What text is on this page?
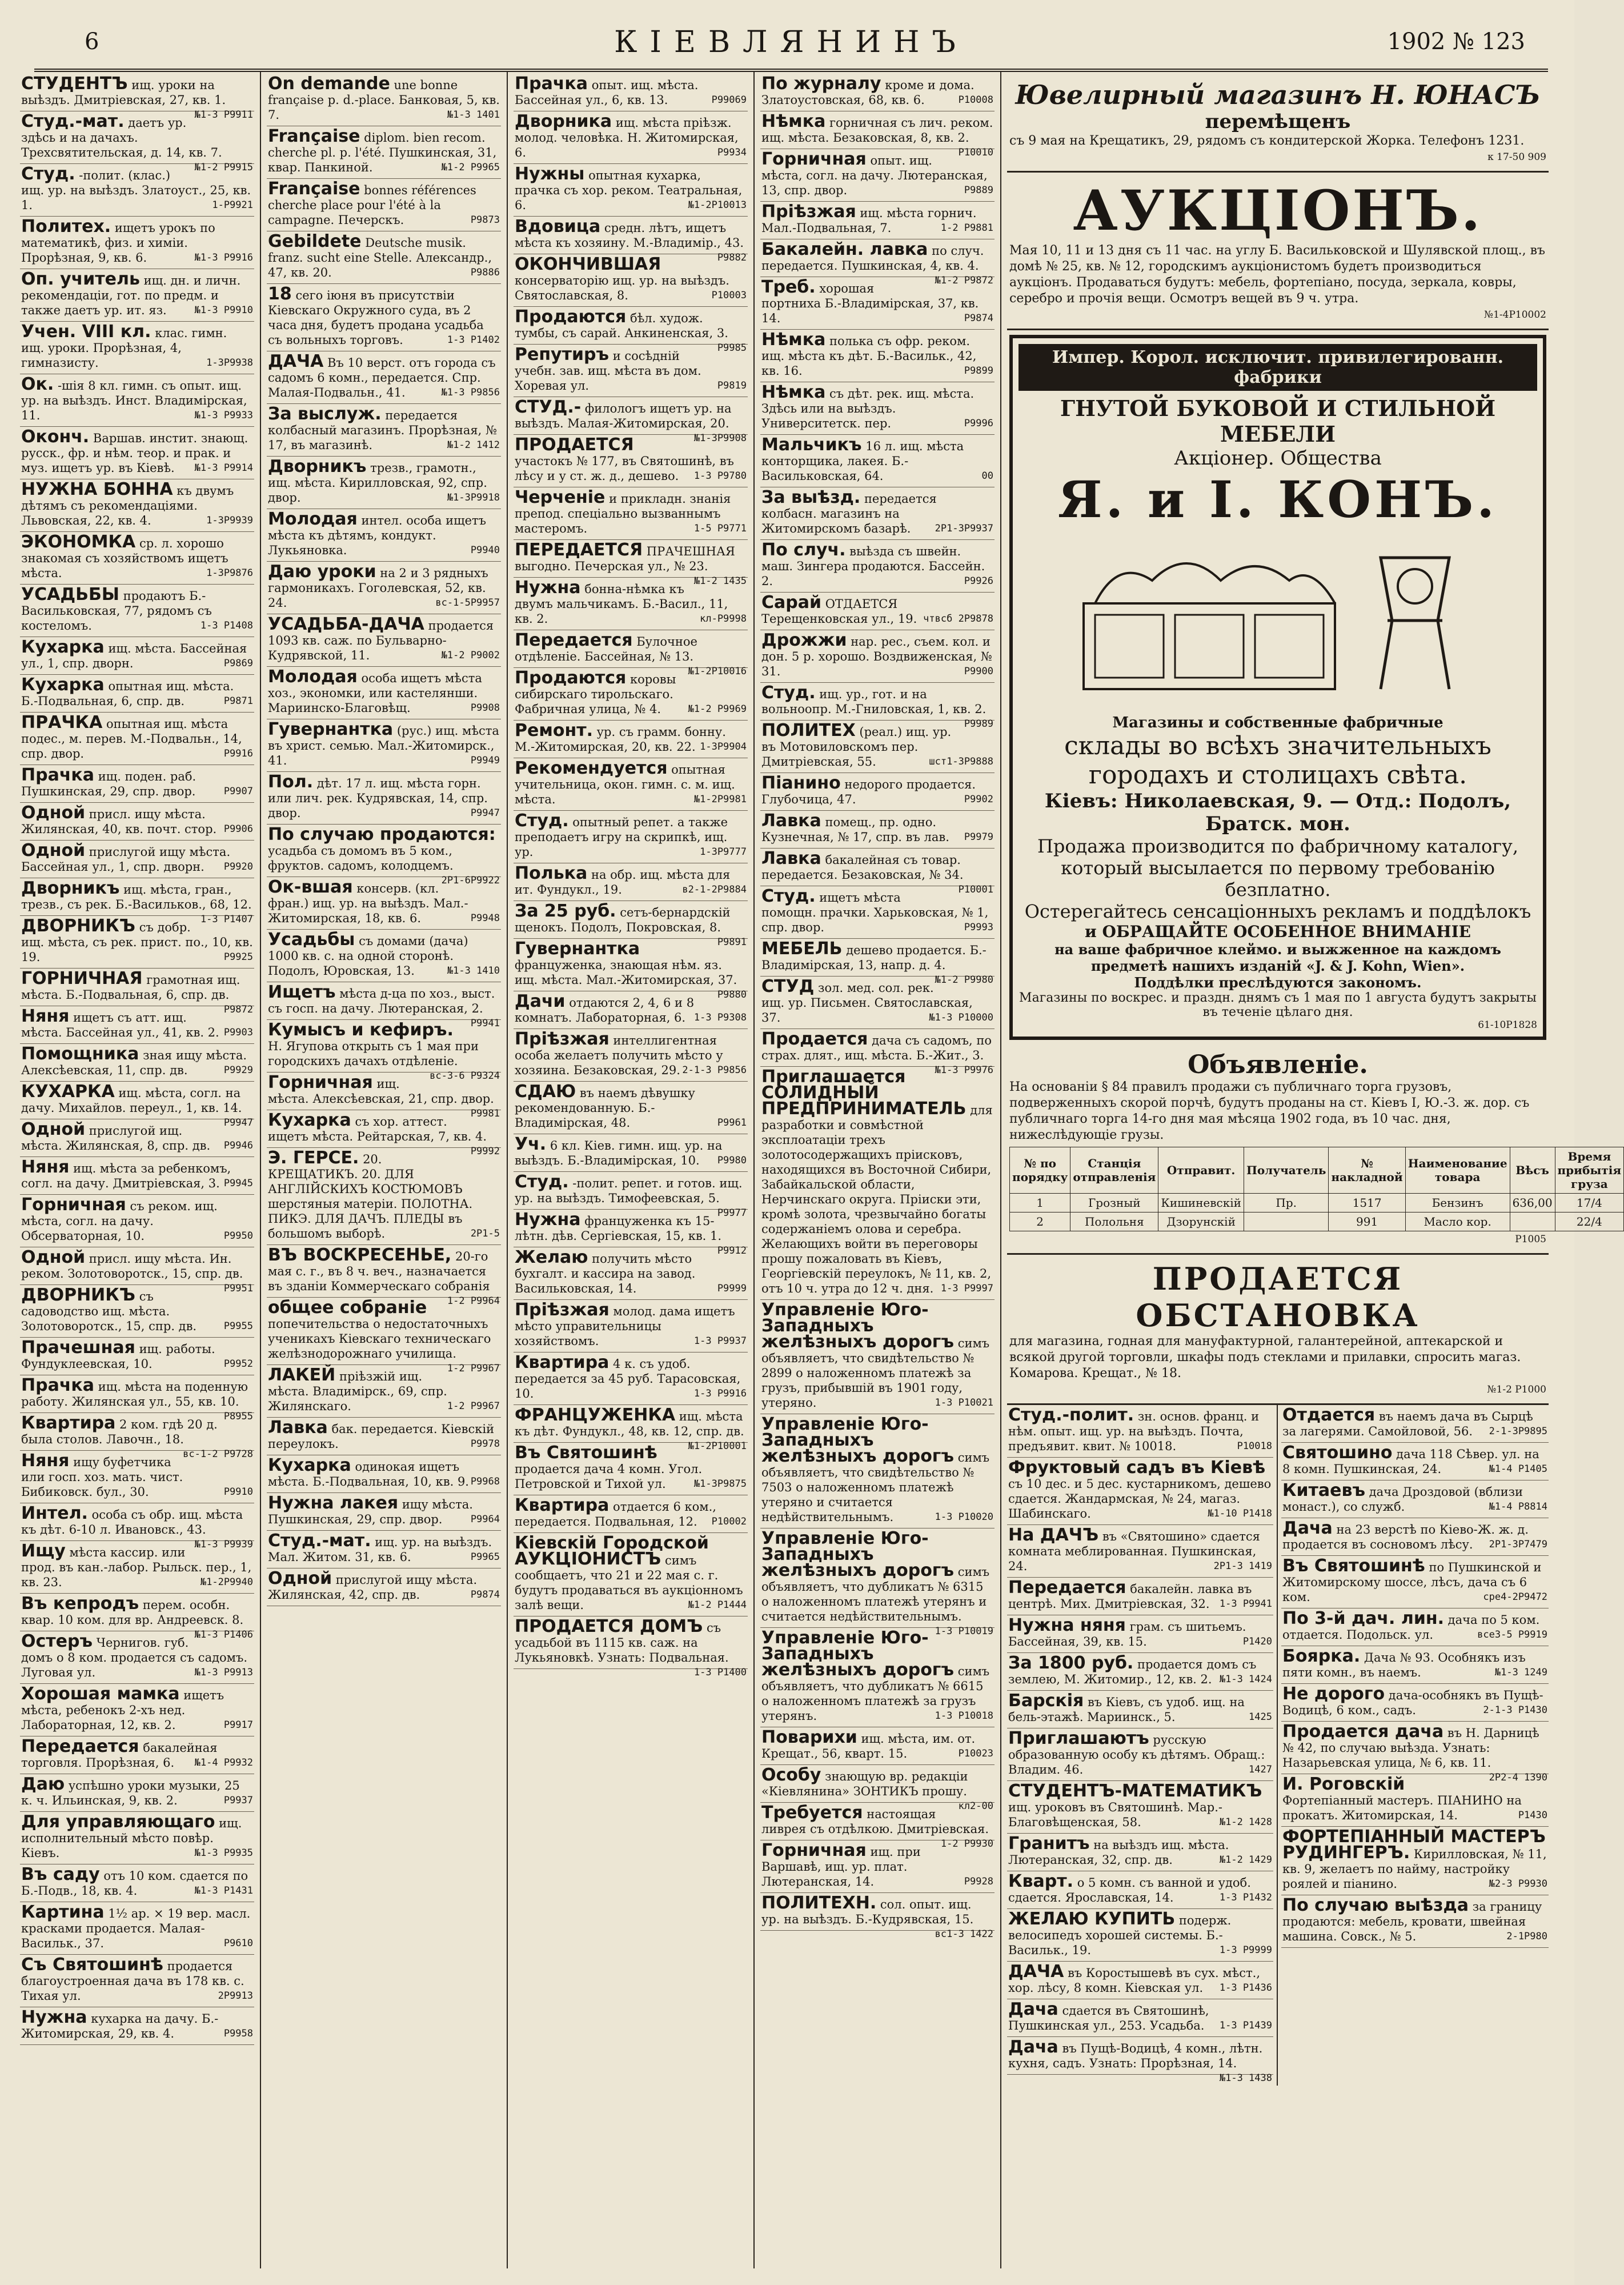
6	КІЕВЛЯНИНЪ	1902 № 123
СТУДЕНТЪ ищ. уроки на выѣздъ. Дмитріевская, 27, кв. 1.
№1-3 Р9911
Студ.-мат. даетъ ур. здѣсь и на дачахъ. Трехсвятительская, д. 14, кв. 7.
№1-2 Р9915
Студ. -полит. (клас.) ищ. ур. на выѣздъ. Златоуст., 25, кв. 1.	1-Р9921
Политех. ищетъ урокъ по математикѣ, физ. и химіи. Прорѣзная, 9, кв. 6.	№1-3 Р9916
Оп. учитель ищ. дн. и личн. рекомендаціи, гот. по предм. и также даетъ ур. ит. яз.	№1-3 Р9910
Учен. VIII кл. клас. гимн. ищ. уроки. Прорѣзная, 4, гимназисту.	1-3Р9938
Ок. -шія 8 кл. гимн. съ опыт. ищ. ур. на выѣздъ. Инст. Владимірская, 11.	№1-3 Р9933
Оконч. Варшав. инстит. знающ. русск., фр. и нѣм. теор. и прак. и муз. ищетъ ур. въ Кіевѣ. №1-3 Р9914
НУЖНА БОННА къ двумъ дѣтямъ съ рекомендаціями. Львовская, 22, кв. 4.	1-3Р9939
ЭКОНОМКА ср. л. хорошо знакомая съ хозяйствомъ ищетъ мѣста.	1-3Р9876
УСАДЬБЫ продаютъ Б.-Васильковская, 77, рядомъ съ костеломъ.	1-3 Р1408
Кухарка ищ. мѣста. Бассейная ул., 1, спр. дворн.	Р9869
Кухарка опытная ищ. мѣста. Б.-Подвальная, 6, спр. дв.	Р9871
ПРАЧКА опытная ищ. мѣста подес., м. перев. М.-Подвальн., 14, спр. двор.	Р9916
Прачка ищ. поден. раб. Пушкинская, 29, спр. двор.	Р9907
Одной присл. ищу мѣста. Жилянская, 40, кв. почт. стор. Р9906
Одной прислугой ищу мѣста. Бассейная ул., 1, спр. дворн. Р9920
Дворникъ ищ. мѣста, гран., трезв., съ рек. Б.-Васильков., 68, 12.
1-3 Р1407
ДВОРНИКЪ съ добр. ищ. мѣста, съ рек. прист. по., 10, кв. 19.	Р9925
ГОРНИЧНАЯ грамотная ищ. мѣста. Б.-Подвальная, 6, спр. дв.
Р9872
Няня ищетъ съ атт. ищ. мѣста. Бассейная ул., 41, кв. 2. Р9903
Помощника зная ищу мѣста. Алексѣевская, 11, спр. дв.	Р9929
КУХАРКА ищ. мѣста, согл. на дачу. Михайлов. переул., 1, кв. 14.
Р9947
Одной прислугой ищ. мѣста. Жилянская, 8, спр. дв. Р9946
Няня ищ. мѣста за ребенкомъ, согл. на дачу. Дмитріевская, 3. Р9945
Горничная съ реком. ищ. мѣста, согл. на дачу. Обсерваторная, 10.	Р9950
Одной присл. ищу мѣста. Ин. реком. Золотоворотск., 15, спр. дв.
Р9951
ДВОРНИКЪ съ садоводство ищ. мѣста. Золотоворотск., 15, спр. дв.	Р9955
Прачешная ищ. работы. Фундуклеевская, 10.	Р9952
Прачка ищ. мѣста на поденную работу. Жилянская ул., 55, кв. 10.
Р8955
Квартира 2 ком. гдѣ 20 д. была столов. Лавочн., 18.
вс-1-2 Р9728
Няня ищу буфетчика или госп. хоз. мать. чист. Бибиковск. бул., 30.	Р9910
Интел. особа съ обр. ищ. мѣста къ дѣт. 6-10 л. Ивановск., 43.
№1-3 Р9939
Ищу мѣста кассир. или прод. въ кан.-лабор. Рыльск. пер., 1, кв. 23.	№1-2Р9940
Въ кепродъ перем. особн. квар. 10 ком. для вр. Андреевск. 8.
№1-3 Р1406
Остеръ Чернигов. губ. домъ о 8 ком. продается съ садомъ. Луговая ул.	№1-3 Р9913
Хорошая мамка ищетъ мѣста, ребенокъ 2-хъ нед. Лабораторная, 12, кв. 2.	Р9917
Передается бакалейная торговля. Прорѣзная, 6. №1-4 Р9932
Даю успѣшно уроки музыки, 25 к. ч. Ильинская, 9, кв. 2.	Р9937
Для управляющаго ищ. исполнительный мѣсто повѣр. Кіевъ.	№1-3 Р9935
Въ саду отъ 10 ком. сдается по Б.-Подв., 18, кв. 4.	№1-3 Р1431
Картина 1½ ар. × 19 вер. масл. красками продается. Малая-Васильк., 37.	Р9610
Съ Святошинѣ продается благоустроенная дача въ 178 кв. с. Тихая ул.	2Р9913
Нужна кухарка на дачу. Б.-Житомирская, 29, кв. 4.	Р9958
On demande une bonne française p. d.-place. Банковая, 5, кв. 7.	№1-3 1401
Française diplom. bien recom. cherche pl. p. l'été. Пушкинская, 31, квар. Панкиной.	№1-2 Р9965
Française bonnes références cherche place pour l'été à la campagne. Печерскъ.	Р9873
Gebildete Deutsche musik. franz. sucht eine Stelle. Александр., 47, кв. 20.	Р9886
18 сего іюня въ присутствіи Кіевскаго Окружного суда, въ 2 часа дня, будетъ продана усадьба съ вольныхъ торговъ.	1-3 Р1402
ДАЧА Въ 10 верст. отъ города съ садомъ 6 комн., передается. Спр. Малая-Подвальн., 41.	№1-3 Р9856
За выслуж. передается колбасный магазинъ. Прорѣзная, № 17, въ магазинѣ.	№1-2 1412
Дворникъ трезв., грамотн., ищ. мѣста. Кирилловская, 92, спр. двор.	№1-3Р9918
Молодая интел. особа ищетъ мѣста къ дѣтямъ, кондукт. Лукьяновка.	Р9940
Даю уроки на 2 и 3 рядныхъ гармоникахъ. Гоголевская, 52, кв. 24.	вс-1-5Р9957
УСАДЬБА-ДАЧА продается 1093 кв. саж. по Бульварно-Кудрявской, 11.	№1-2 Р9002
Молодая особа ищетъ мѣста хоз., экономки, или кастелянши. Мариинско-Благовѣщ.	Р9908
Гувернантка (рус.) ищ. мѣста въ христ. семью. Мал.-Житомирск., 41.	Р9949
Пол. дѣт. 17 л. ищ. мѣста горн. или лич. рек. Кудрявская, 14, спр. двор.	Р9947
По случаю продаются: усадьба съ домомъ въ 5 ком., фруктов. садомъ, колодцемъ.
2Р1-6Р9922
Ок-вшая консерв. (кл. фран.) ищ. ур. на выѣздъ. Мал.-Житомирская, 18, кв. 6.	Р9948
Усадьбы съ домами (дача) 1000 кв. с. на одной сторонѣ. Подолъ, Юровская, 13.	№1-3 1410
Ищетъ мѣста д-ца по хоз., выст. съ госп. на дачу. Лютеранская, 2.
Р9941
Кумысъ и кефиръ. Н. Ягупова открыть съ 1 мая при городскихъ дачахъ отдѣленіе.
вс-3-6 Р9324
Горничная ищ. мѣста. Алексѣевская, 21, спр. двор.
Р9981
Кухарка съ хор. аттест. ищетъ мѣста. Рейтарская, 7, кв. 4.
Р9992
Э. ГЕРСЕ. 20. КРЕЩАТИКЪ. 20. ДЛЯ АНГЛІЙСКИХЪ КОСТЮМОВЪ шерстяныя матеріи. ПОЛОТНА. ПИКЭ. ДЛЯ ДАЧЪ. ПЛЕДЫ въ большомъ выборѣ.	2Р1-5
ВЪ ВОСКРЕСЕНЬЕ, 20-го мая с. г., въ 8 ч. веч., назначается въ зданіи Коммерческаго собранія
1-2 Р9964
общее собраніе попечительства о недостаточныхъ ученикахъ Кіевскаго техническаго желѣзнодорожнаго училища.
1-2 Р9967
ЛАКЕЙ прiѣзжій ищ. мѣста. Владимірск., 69, спр. Жилянскаго.	1-2 Р9967
Лавка бак. передается. Кіевскій переулокъ.	Р9978
Кухарка одинокая ищетъ мѣста. Б.-Подвальная, 10, кв. 9. Р9968
Нужна лакея ищу мѣста. Пушкинская, 29, спр. двор.	Р9964
Студ.-мат. ищ. ур. на выѣздъ. Мал. Житом. 31, кв. 6.	Р9965
Одной прислугой ищу мѣста. Жилянская, 42, спр. дв.	Р9874
Прачка опыт. ищ. мѣста. Бассейная ул., 6, кв. 13.	Р99069
Дворника ищ. мѣста прiѣзж. молод. человѣка. Н. Житомирская, 6.	Р9934
Нужны опытная кухарка, прачка съ хор. реком. Театральная, 6.	№1-2Р10013
Вдовица средн. лѣтъ, ищетъ мѣста къ хозяину. М.-Владимір., 43.
Р9882
ОКОНЧИВШАЯ консерваторію ищ. ур. на выѣздъ. Святославская, 8.	Р10003
Продаются бѣл. худож. тумбы, съ сарай. Анкиненская, 3.
Р9985
Репутиръ и сосѣдній учебн. зав. ищ. мѣста въ дом. Хоревая ул.	Р9819
СТУД.- филологъ ищетъ ур. на выѣздъ. Малая-Житомирская, 20.
№1-3Р9908
ПРОДАЕТСЯ участокъ № 177, въ Святошинѣ, въ лѣсу и у ст. ж. д., дешево. 1-3 Р9780
Черченіе и прикладн. знанія препод. спеціально вызваннымъ мастеромъ.	1-5 Р9771
ПЕРЕДАЕТСЯ ПРАЧЕШНАЯ выгодно. Печерская ул., № 23.
№1-2 1435
Нужна бонна-нѣмка къ двумъ мальчикамъ. Б.-Васил., 11, кв. 2.	кл-Р9998
Передается Булочное отдѣленіе. Бассейная, № 13.
№1-2Р10016
Продаются коровы сибирскаго тирольскаго. Фабричная улица, № 4.	№1-2 Р9969
Ремонт. ур. съ грамм. бонну. М.-Житомирская, 20, кв. 22. 1-3Р9904
Рекомендуется опытная учительница, окон. гимн. с. м. ищ. мѣста.	№1-2Р9981
Студ. опытный репет. а также преподаетъ игру на скрипкѣ, ищ. ур.	1-3Р9777
Полька на обр. ищ. мѣста для ит. Фундукл., 19.	в2-1-2Р9884
За 25 руб. сетъ-бернардскій щенокъ. Подолъ, Покровская, 8.
Р9891
Гувернантка француженка, знающая нѣм. яз. ищ. мѣста. Мал.-Житомирская, 37.
Р9880
Дачи отдаются 2, 4, 6 и 8 комнатъ. Лабораторная, 6. 1-3 Р9308
Прiѣзжая интеллигентная особа желаетъ получить мѣсто у хозяина. Безаковская, 29. 2-1-3 Р9856
СДАЮ въ наемъ дѣвушку рекомендованную. Б.-Владимірская, 48.	Р9961
Уч. 6 кл. Кіев. гимн. ищ. ур. на выѣздъ. Б.-Владимірская, 10. Р9980
Студ. -полит. репет. и готов. ищ. ур. на выѣздъ. Тимофеевская, 5.
Р9977
Нужна француженка къ 15-лѣтн. дѣв. Сергіевская, 15, кв. 1.
Р9912
Желаю получить мѣсто бухгалт. и кассира на завод. Васильковская, 14.	Р9999
Прiѣзжая молод. дама ищетъ мѣсто управительницы хозяйствомъ.	1-3 Р9937
Квартира 4 к. съ удоб. передается за 45 руб. Тарасовская, 10.	1-3 Р9916
ФРАНЦУЖЕНКА ищ. мѣста къ дѣт. Фундукл., 48, кв. 12, спр. дв.
№1-2Р10001
Въ Святошинѣ продается дача 4 комн. Угол. Петровской и Тихой ул.	№1-3Р9875
Квартира отдается 6 ком., передается. Подвальная, 12. Р10002
Кіевскій Городской АУКЦІОНИСТЪ симъ сообщаетъ, что 21 и 22 мая с. г. будутъ продаваться въ аукціонномъ залѣ вещи.	№1-2 Р1444
ПРОДАЕТСЯ ДОМЪ съ усадьбой въ 1115 кв. саж. на Лукьяновкѣ. Узнать: Подвальная.
1-3 Р1400
По журналу кроме и дома. Златоустовская, 68, кв. 6.	Р10008
Нѣмка горничная съ лич. реком. ищ. мѣста. Безаковская, 8, кв. 2.
Р10010
Горничная опыт. ищ. мѣста, согл. на дачу. Лютеранская, 13, спр. двор.	Р9889
Прiѣзжая ищ. мѣста горнич. Мал.-Подвальная, 7.	1-2 Р9881
Бакалейн. лавка по случ. передается. Пушкинская, 4, кв. 4.
№1-2 Р9872
Треб. хорошая портниха Б.-Владимірская, 37, кв. 14.	Р9874
Нѣмка полька съ офр. реком. ищ. мѣста къ дѣт. Б.-Васильк., 42, кв. 16.	Р9899
Нѣмка съ дѣт. рек. ищ. мѣста. Здѣсь или на выѣздъ. Университетск. пер.	Р9996
Мальчикъ 16 л. ищ. мѣста конторщика, лакея. Б.-Васильковская, 64.	00
За выѣзд. передается колбасн. магазинъ на Житомирскомъ базарѣ. 2Р1-3Р9937
По случ. выѣзда съ швейн. маш. Зингера продаются. Бассейн. 2.	Р9926
Сарай ОТДАЕТСЯ Терещенковская ул., 19. чтвсб 2Р9878
Дрожжи нар. рес., съем. кол. и дон. 5 р. хорошо. Воздвиженская, № 31.	Р9900
Студ. ищ. ур., гот. и на вольноопр. М.-Гниловская, 1, кв. 2.
Р9989
ПОЛИТЕХ (реал.) ищ. ур. въ Мотовиловскомъ пер. Дмитріевская, 55.	шст1-3Р9888
Піанино недорого продается. Глубочица, 47.	Р9902
Лавка помещ., пр. одно. Кузнечная, № 17, спр. въ лав. Р9979
Лавка бакалейная съ товар. передается. Безаковская, № 34.
Р10001
Студ. ищетъ мѣста помощн. прачки. Харьковская, № 1, спр. двор.	Р9993
МЕБЕЛЬ дешево продается. Б.-Владимірская, 13, напр. д. 4.
№1-2 Р9980
СТУД зол. мед. сол. рек. ищ. ур. Письмен. Святославская, 37.	№1-3 Р10000
Продается дача съ садомъ, по страх. длят., ищ. мѣста. Б.-Жит., 3.
№1-3 Р9976
Приглашается СОЛИДНЫЙ ПРЕДПРИНИМАТЕЛЬ для разработки и совмѣстной эксплоатаціи трехъ золотосодержащихъ пріисковъ, находящихся въ Восточной Сибири, Забайкальской области, Нерчинскаго округа. Пріиски эти, кромѣ золота, чрезвычайно богаты содержаніемъ олова и серебра. Желающихъ войти въ переговоры прошу пожаловать въ Кіевъ, Георгіевскій переулокъ, № 11, кв. 2, отъ 10 ч. утра до 12 ч. дня. 1-3 Р9997
Управленіе Юго-Западныхъ желѣзныхъ дорогъ симъ объявляетъ, что свидѣтельство № 2899 о наложенномъ платежѣ за грузъ, прибывшій въ 1901 году, утеряно.	1-3 Р10021
Управленіе Юго-Западныхъ желѣзныхъ дорогъ симъ объявляетъ, что свидѣтельство № 7503 о наложенномъ платежѣ утеряно и считается недѣйствительнымъ.	1-3 Р10020
Управленіе Юго-Западныхъ желѣзныхъ дорогъ симъ объявляетъ, что дубликатъ № 6315 о наложенномъ платежѣ утерянъ и считается недѣйствительнымъ.
1-3 Р10019
Управленіе Юго-Западныхъ желѣзныхъ дорогъ симъ объявляетъ, что дубликатъ № 6615 о наложенномъ платежѣ за грузъ утерянъ.	1-3 Р10018
Поварихи ищ. мѣста, им. от. Крещат., 56, кварт. 15.	Р10023
Особу знающую вр. редакціи «Кіевлянина» ЗОНТИКЪ прошу.
кл2-00
Требуется настоящая ливрея съ отдѣлкою. Дмитріевская.
1-2 Р9930
Горничная ищ. при Варшавѣ, ищ. ур. плат. Лютеранская, 14.	Р9928
ПОЛИТЕХН. сол. опыт. ищ. ур. на выѣздъ. Б.-Кудрявская, 15.
вс1-3 1422
Ювелирный магазинъ Н. ЮНАСЪ
перемѣщенъ
съ 9 мая на Крещатикъ, 29, рядомъ съ кондитерской Жорка. Телефонъ 1231.
к 17-50 909
АУКЦІОНЪ.
Мая 10, 11 и 13 дня съ 11 час. на углу Б. Васильковской и Шулявской площ., въ домѣ № 25, кв. № 12, городскимъ аукціонистомъ будетъ производиться аукціонъ. Продаваться будутъ: мебель, фортепіано, посуда, зеркала, ковры, серебро и прочія вещи. Осмотръ вещей въ 9 ч. утра.
№1-4Р10002
Импер. Корол. исключит. привилегированн. фабрики
ГНУТОЙ БУКОВОЙ И СТИЛЬНОЙ МЕБЕЛИ
Акціонер. Общества
Я. и І. КОНЪ.
Магазины и собственные фабричные
склады во всѣхъ значительныхъ городахъ и столицахъ свѣта.
Кіевъ: Николаевская, 9. — Отд.: Подолъ, Братск. мон.
Продажа производится по фабричному каталогу, который высылается по первому требованію безплатно.
Остерегайтесь сенсаціонныхъ рекламъ и поддѣлокъ
и ОБРАЩАЙТЕ ОСОБЕННОЕ ВНИМАНІЕ
на ваше фабричное клеймо. и выжженное на каждомъ предметѣ нашихъ изданій «J. & J. Kohn, Wien».
Поддѣлки преслѣдуются закономъ.
Магазины по воскрес. и праздн. днямъ съ 1 мая по 1 августа будутъ закрыты въ теченіе цѣлаго дня.
61-10Р1828
Объявленіе.
На основаніи § 84 правилъ продажи съ публичнаго торга грузовъ, подверженныхъ скорой порчѣ, будутъ проданы на ст. Кіевъ I, Ю.-З. ж. дор. съ публичнаго торга 14-го дня мая мѣсяца 1902 года, въ 10 час. дня, нижеслѣдующіе грузы.
№ по порядку	Станція отправленія	Отправит.	Получатель	№ накладной	Наименование товара	Вѣсъ	Время прибытія груза
1	Грозный	Кишиневскій	Пр.	1517	Бензинъ	636,00	17/4
2	Полольня	Дзорунскій		991	Масло кор.		22/4
Р1005
ПРОДАЕТСЯ ОБСТАНОВКА
для магазина, годная для мануфактурной, галантерейной, аптекарской и всякой другой торговли, шкафы подъ стеклами и прилавки, спросить магаз. Комарова. Крещат., № 18.
№1-2 Р1000
Студ.-полит. зн. основ. франц. и нѣм. опыт. ищ. ур. на выѣздъ. Почта, предъявит. квит. № 10018.	Р10018
Фруктовый садъ въ Кіевѣ съ 10 дес. и 5 дес. кустарникомъ, дешево сдается. Жандармская, № 24, магаз. Шабинскаго.	№1-10 Р1418
На ДАЧЪ въ «Святошино» сдается комната меблированная. Пушкинская, 24.	2Р1-3 1419
Передается бакалейн. лавка въ центрѣ. Мих. Дмитріевская, 32. 1-3 Р9941
Нужна няня грам. съ шитьемъ. Бассейная, 39, кв. 15.	Р1420
За 1800 руб. продается домъ съ землею, М. Житомир., 12, кв. 2. №1-3 1424
Барскія въ Кіевъ, съ удоб. ищ. на бель-этажѣ. Мариинск., 5.	1425
Приглашаютъ русскую образованную особу къ дѣтямъ. Обращ.: Владим. 46.	1427
СТУДЕНТЪ-МАТЕМАТИКЪ ищ. уроковъ въ Святошинѣ. Мар.-Благовѣщенская, 58.	№1-2 1428
Гранитъ на выѣздъ ищ. мѣста. Лютеранская, 32, спр. дв.	№1-2 1429
Кварт. о 5 комн. съ ванной и удоб. сдается. Ярославская, 14.	1-3 Р1432
ЖЕЛАЮ КУПИТЬ подерж. велосипедъ хорошей системы. Б.-Васильк., 19.	1-3 Р9999
ДАЧА въ Коростышевѣ въ сух. мѣст., хор. лѣсу, 8 комн. Кіевская ул. 1-3 Р1436
Дача сдается въ Святошинѣ, Пушкинская ул., 253. Усадьба. 1-3 Р1439
Дача въ Пущѣ-Водицѣ, 4 комн., лѣтн. кухня, садъ. Узнать: Прорѣзная, 14.
№1-3 1438
Отдается въ наемъ дача въ Сырцѣ за лагерями. Самойловой, 56. 2-1-3Р9895
Святошино дача 118 Сѣвер. ул. на 8 комн. Пушкинская, 24.	№1-4 Р1405
Китаевъ дача Дроздовой (вблизи монаст.), со служб.	№1-4 Р8814
Дача на 23 верстѣ по Кіево-Ж. ж. д. продается въ сосновомъ лѣсу. 2Р1-3Р7479
Въ Святошинѣ по Пушкинской и Житомирскому шоссе, лѣсъ, дача съ 6 ком.	сре4-2Р9472
По 3-й дач. лин. дача по 5 ком. отдается. Подольск. ул.	все3-5 Р9919
Боярка. Дача № 93. Особнякъ изъ пяти комн., въ наемъ.	№1-3 1249
Не дорого дача-особнякъ въ Пущѣ-Водицѣ, 6 ком., садъ.	2-1-3 Р1430
Продается дача въ Н. Дарницѣ № 42, по случаю выѣзда. Узнать: Назарьевская улица, № 6, кв. 11.
2Р2-4 1390
И. Роговскій Фортепіанный мастеръ. ПІАНИНО на прокатъ. Житомирская, 14.	Р1430
ФОРТЕПІАННЫЙ МАСТЕРЪ РУДИНГЕРЪ. Кирилловская, № 11, кв. 9, желаетъ по найму, настройку роялей и піанино.	№2-3 Р9930
По случаю выѣзда за границу продаются: мебель, кровати, швейная машина. Совск., № 5.	2-1Р980
